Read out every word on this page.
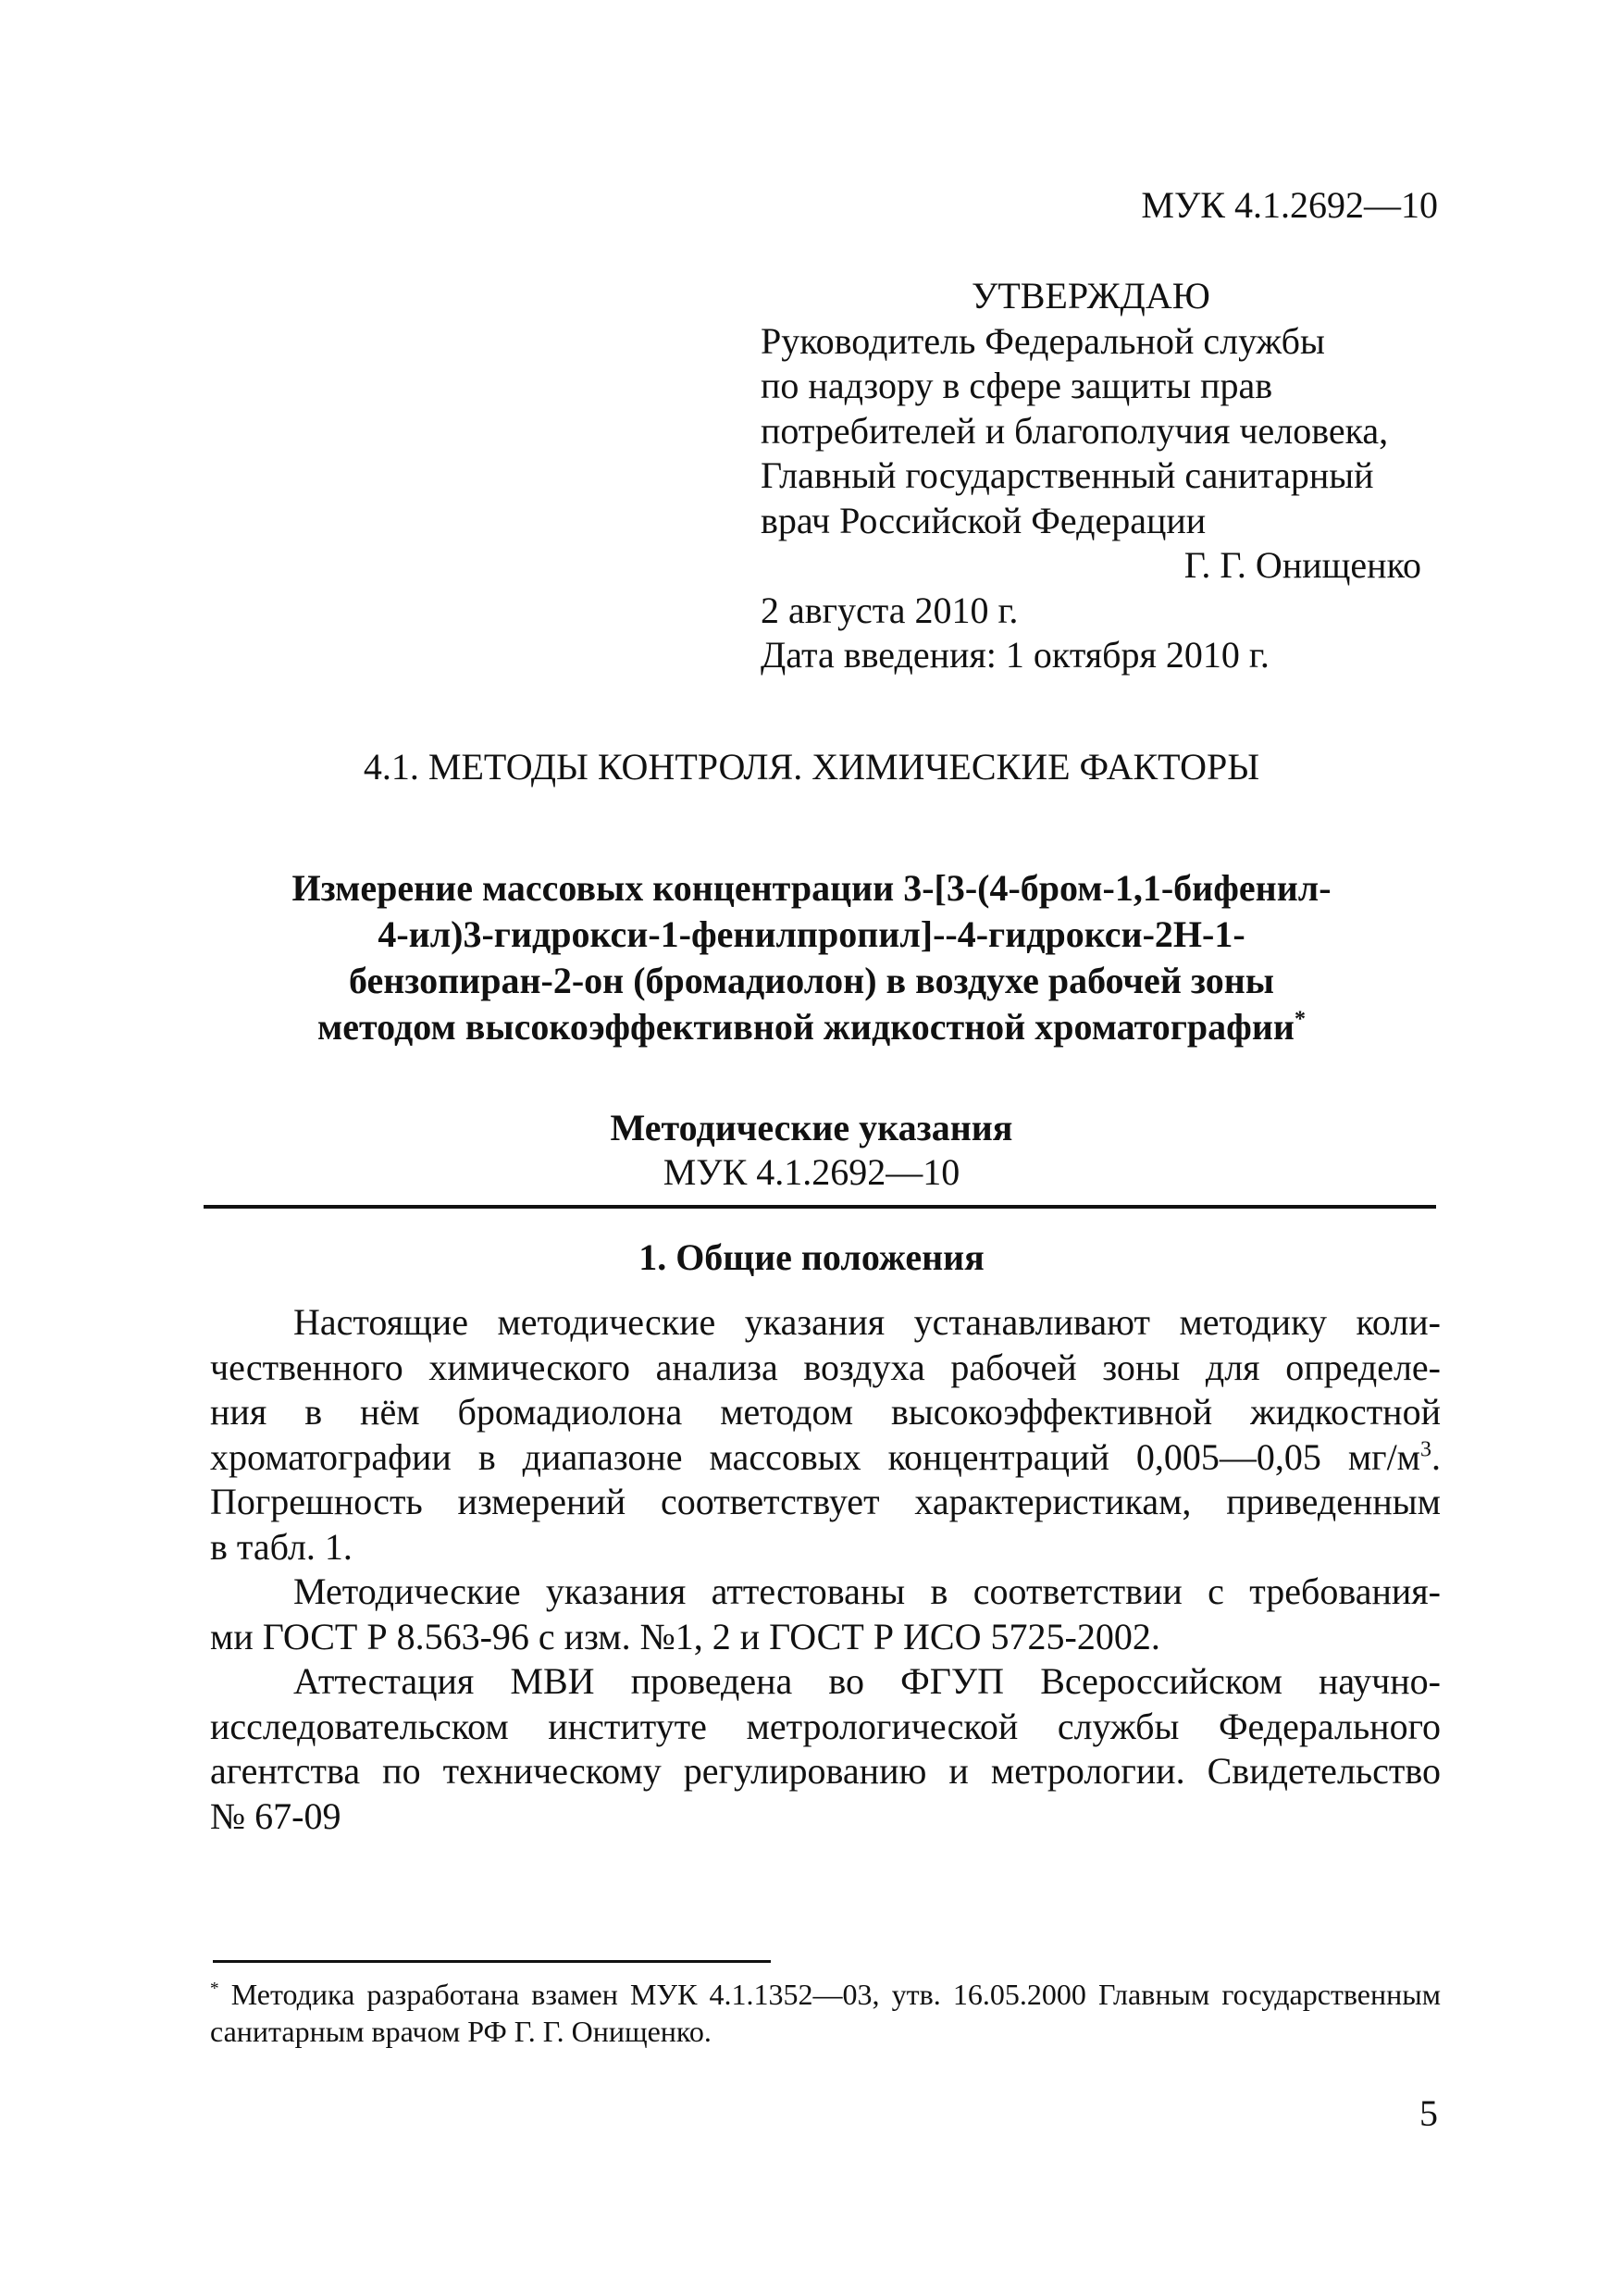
МУК 4.1.2692—10
УТВЕРЖДАЮ
Руководитель Федеральной службы
по надзору в сфере защиты прав
потребителей и благополучия человека,
Главный государственный санитарный
врач Российской Федерации
Г. Г. Онищенко
2 августа 2010 г.
Дата введения: 1 октября 2010 г.
4.1. МЕТОДЫ КОНТРОЛЯ. ХИМИЧЕСКИЕ ФАКТОРЫ
Измерение массовых концентрации 3-[3-(4-бром-1,1-бифенил-
4-ил)3-гидрокси-1-фенилпропил]--4-гидрокси-2Н-1-
бензопиран-2-он (бромадиолон) в воздухе рабочей зоны
методом высокоэффективной жидкостной хроматографии*
Методические указания
МУК 4.1.2692—10
1. Общие положения
Настоящие методические указания устанавливают методику коли-
чественного химического анализа воздуха рабочей зоны для определе-
ния в нём бромадиолона методом высокоэффективной жидкостной
хроматографии в диапазоне массовых концентраций 0,005—0,05 $мг/м^3$.
Погрешность измерений соответствует характеристикам, приведенным
в табл. 1.
Методические указания аттестованы в соответствии с требования-
ми ГОСТ Р 8.563-96 с изм. №1, 2 и ГОСТ Р ИСО 5725-2002.
Аттестация МВИ проведена во ФГУП Всероссийском научно-
исследовательском институте метрологической службы Федерального
агентства по техническому регулированию и метрологии. Свидетельство
№ 67-09
* Методика разработана взамен МУК 4.1.1352—03, утв. 16.05.2000 Главным государственным
санитарным врачом РФ Г. Г. Онищенко.
5
